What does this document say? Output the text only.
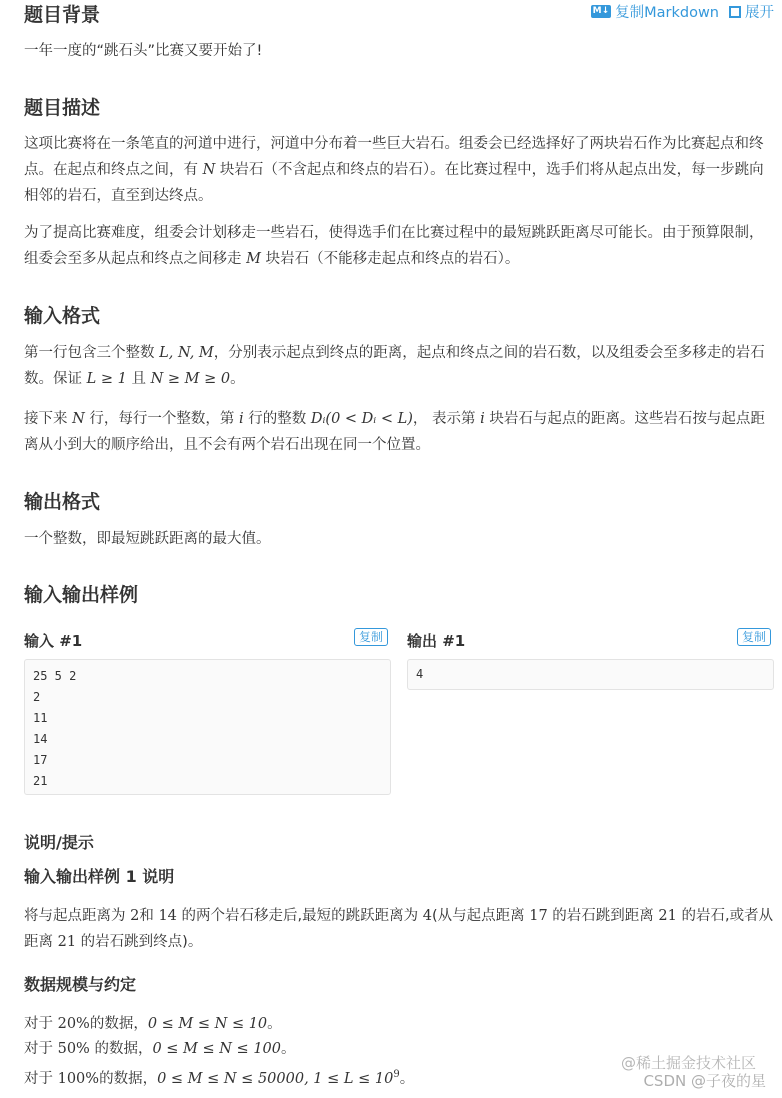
题目背景	M↓ 复制Markdown 展开

一年一度的“跳石头”比赛又要开始了!

题目描述

这项比赛将在一条笔直的河道中进行，河道中分布着一些巨大岩石。组委会已经选择好了两块岩石作为比赛起点和终点。在起点和终点之间，有 N 块岩石（不含起点和终点的岩石）。在比赛过程中，选手们将从起点出发，每一步跳向相邻的岩石，直至到达终点。

为了提高比赛难度，组委会计划移走一些岩石，使得选手们在比赛过程中的最短跳跃距离尽可能长。由于预算限制，组委会至多从起点和终点之间移走 M 块岩石（不能移走起点和终点的岩石）。

输入格式

第一行包含三个整数 L, N, M，分别表示起点到终点的距离，起点和终点之间的岩石数，以及组委会至多移走的岩石数。保证 L ≥ 1 且 N ≥ M ≥ 0。

接下来 N 行，每行一个整数，第 i 行的整数 Dᵢ(0 < Dᵢ < L)， 表示第 i 块岩石与起点的距离。这些岩石按与起点距离从小到大的顺序给出，且不会有两个岩石出现在同一个位置。

输出格式

一个整数，即最短跳跃距离的最大值。

输入输出样例
输入 #1	复制
25 5 2
2
11
14
17
21
输出 #1	复制
4
说明/提示
输入输出样例 1 说明

将与起点距离为 2和 14 的两个岩石移走后,最短的跳跃距离为 4(从与起点距离 17 的岩石跳到距离 21 的岩石,或者从距离 21 的岩石跳到终点)。

数据规模与约定

对于 20%的数据，0 ≤ M ≤ N ≤ 10。

对于 50% 的数据，0 ≤ M ≤ N ≤ 100。

对于 100%的数据，0 ≤ M ≤ N ≤ 50000, $1 \le L \le 10^9$。

@稀土掘金技术社区
CSDN @子夜的星
